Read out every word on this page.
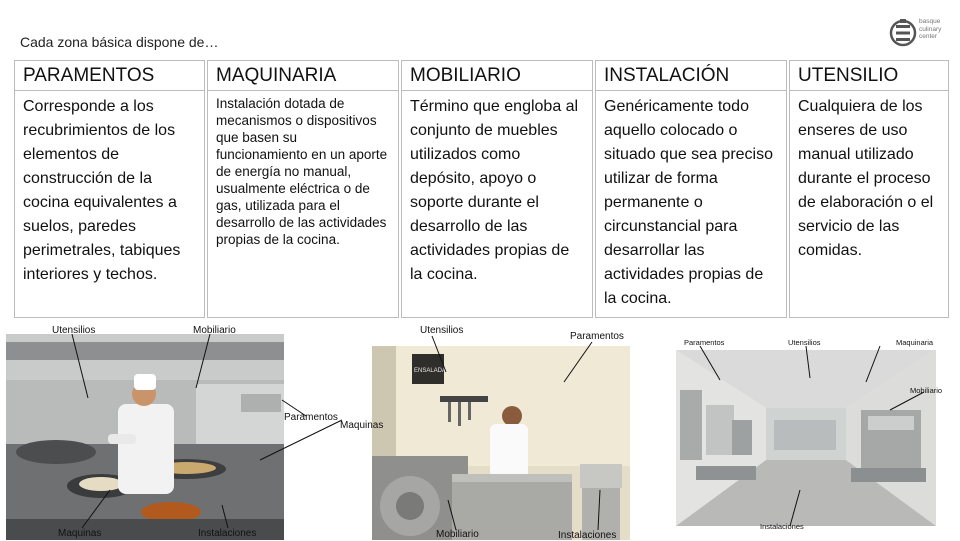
Cada zona básica dispone de…
basque culinary center
PARAMENTOS
Corresponde a los recubrimientos de los elementos de construcción de la cocina equivalentes a suelos, paredes perimetrales, tabiques interiores y techos.
MAQUINARIA
Instalación dotada de mecanismos o dispositivos que basen su funcionamiento en un aporte de energía no manual, usualmente eléctrica o de gas, utilizada para el desarrollo de las actividades propias de la cocina.
MOBILIARIO
Término que engloba al conjunto de muebles utilizados como depósito, apoyo o soporte durante el desarrollo de las actividades propias de la cocina.
INSTALACIÓN
Genéricamente todo aquello colocado o situado que sea preciso utilizar de forma permanente o circunstancial para desarrollar las actividades propias de la cocina.
UTENSILIO
Cualquiera de los enseres de uso manual utilizado durante el proceso de elaboración o el servicio de las comidas.
ENSALADAS
Utensilios	Mobiliario
Paramentos
Maquinas
Maquinas	Instalaciones
Utensilios
Paramentos
Mobiliario	Instalaciones
Paramentos	Utensilios	Maquinaria
Mobiliario
Instalaciones
